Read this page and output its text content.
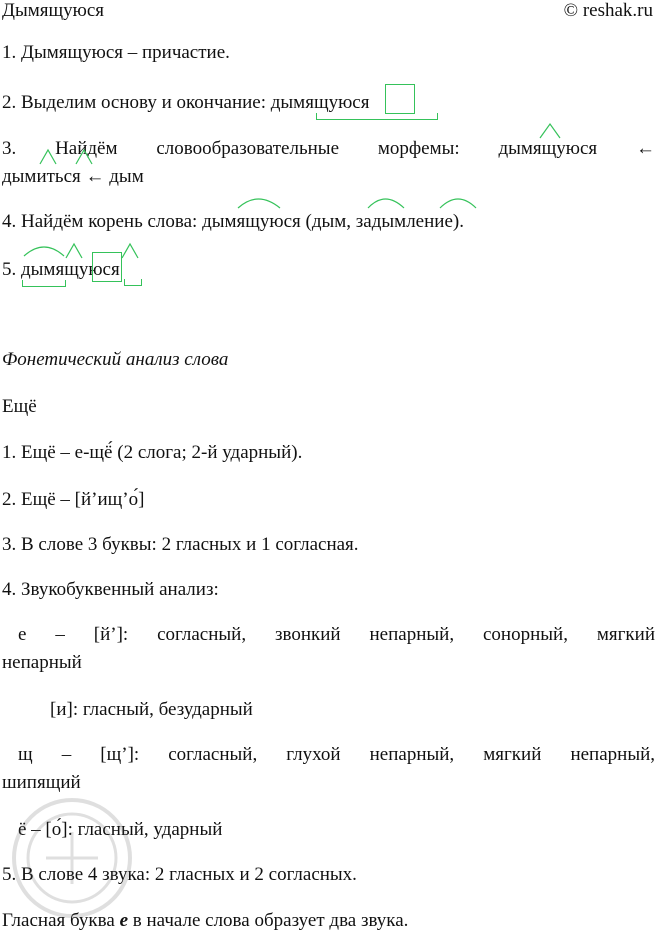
Дымящуюся	© reshak.ru
1. Дымящуюся – причастие.
2. Выделим основу и окончание: дымящуюся
3. Найдём словообразовательные морфемы: дымящуюся ←
дымиться ← дым
4. Найдём корень слова: дымящуюся (дым, задымление).
5. дымящуюся
Фонетический анализ слова
Ещё
1. Ещё – е-щё́ (2 слога; 2-й ударный).
2. Ещё – [й’ищ’о́]
3. В слове 3 буквы: 2 гласных и 1 согласная.
4. Звукобуквенный анализ:
е – [й’]: согласный, звонкий непарный, сонорный, мягкий
непарный
[и]: гласный, безударный
щ – [щ’]: согласный, глухой непарный, мягкий непарный,
шипящий
ё – [о́]: гласный, ударный
5. В слове 4 звука: 2 гласных и 2 согласных.
Гласная буква е в начале слова образует два звука.
